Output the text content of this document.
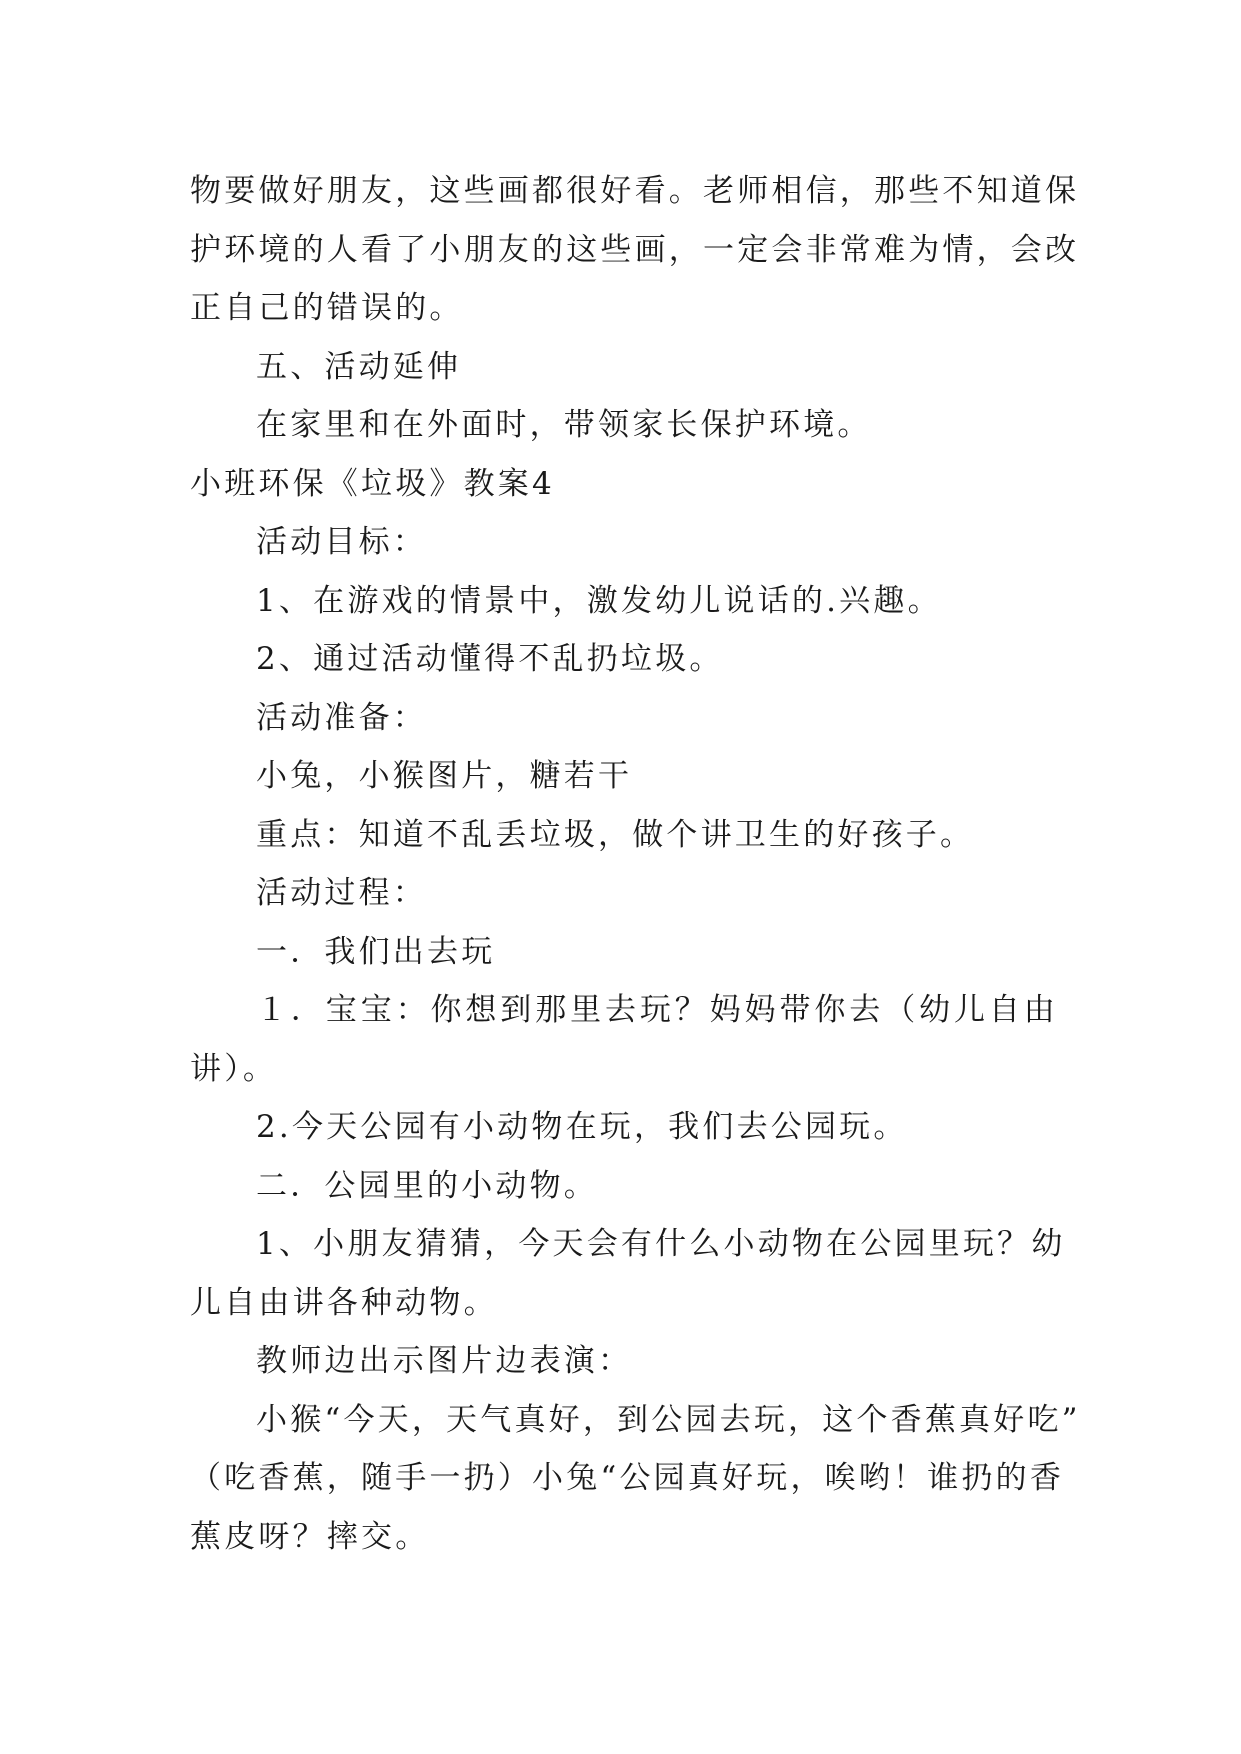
物要做好朋友，这些画都很好看。老师相信，那些不知道保
护环境的人看了小朋友的这些画，一定会非常难为情，会改
正自己的错误的。
五、活动延伸
在家里和在外面时，带领家长保护环境。
小班环保《垃圾》教案4
活动目标：
1、在游戏的情景中，激发幼儿说话的.兴趣。
2、通过活动懂得不乱扔垃圾。
活动准备：
小兔，小猴图片，糖若干
重点：知道不乱丢垃圾，做个讲卫生的好孩子。
活动过程：
一．我们出去玩
１．宝宝：你想到那里去玩？妈妈带你去（幼儿自由
讲）。
2.今天公园有小动物在玩，我们去公园玩。
二．公园里的小动物。
1、小朋友猜猜，今天会有什么小动物在公园里玩？幼
儿自由讲各种动物。
教师边出示图片边表演：
小猴“今天，天气真好，到公园去玩，这个香蕉真好吃”
（吃香蕉，随手一扔）小兔“公园真好玩，唉哟！谁扔的香
蕉皮呀？摔交。
